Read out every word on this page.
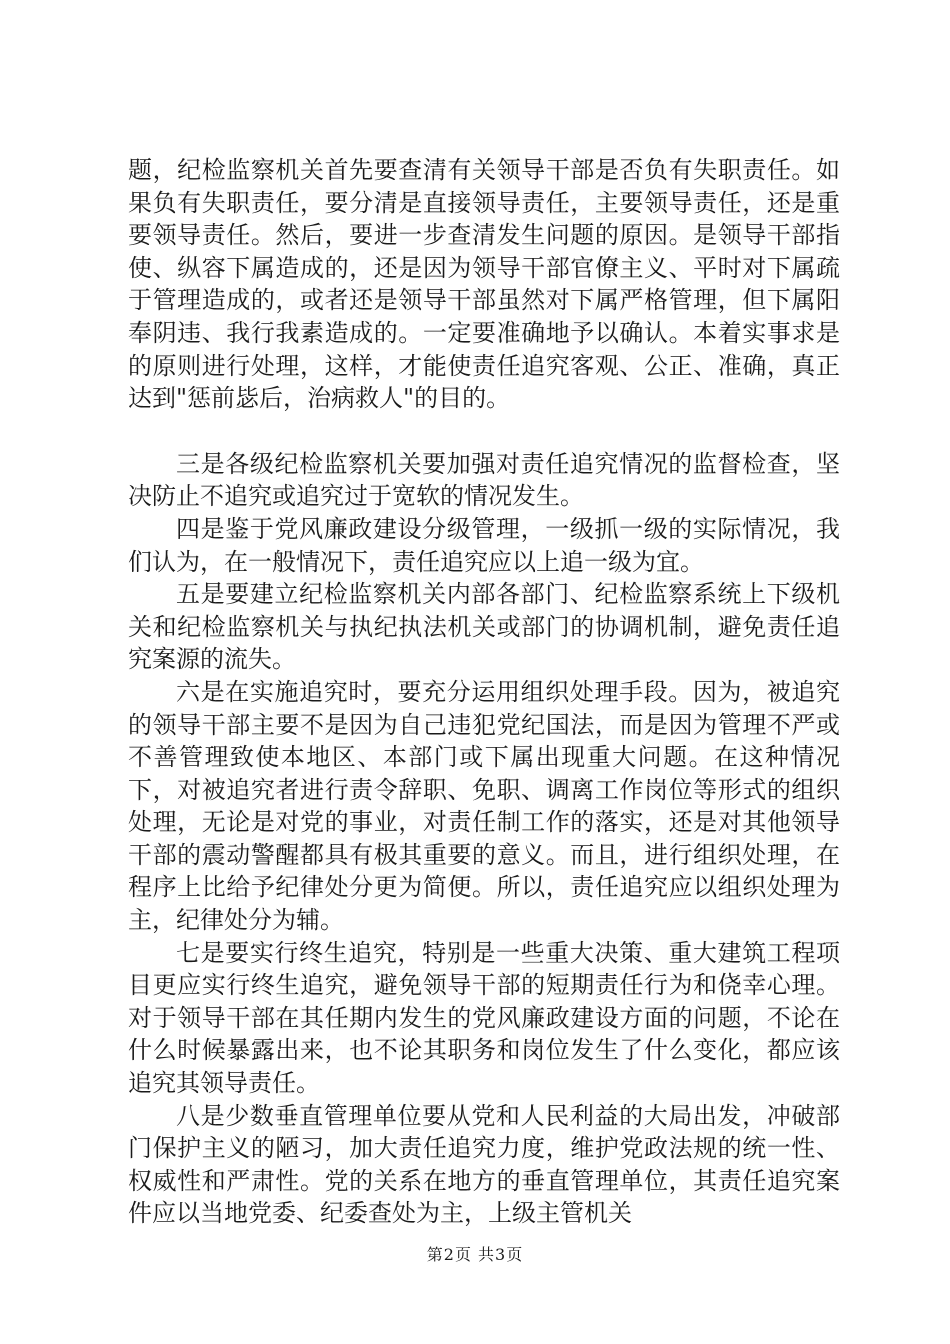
题，纪检监察机关首先要查清有关领导干部是否负有失职责任。如果负有失职责任，要分清是直接领导责任，主要领导责任，还是重要领导责任。然后，要进一步查清发生问题的原因。是领导干部指使、纵容下属造成的，还是因为领导干部官僚主义、平时对下属疏于管理造成的，或者还是领导干部虽然对下属严格管理，但下属阳奉阴违、我行我素造成的。一定要准确地予以确认。本着实事求是的原则进行处理，这样，才能使责任追究客观、公正、准确，真正达到"惩前毖后，治病救人"的目的。

三是各级纪检监察机关要加强对责任追究情况的监督检查，坚决防止不追究或追究过于宽软的情况发生。

四是鉴于党风廉政建设分级管理，一级抓一级的实际情况，我们认为，在一般情况下，责任追究应以上追一级为宜。

五是要建立纪检监察机关内部各部门、纪检监察系统上下级机关和纪检监察机关与执纪执法机关或部门的协调机制，避免责任追究案源的流失。

六是在实施追究时，要充分运用组织处理手段。因为，被追究的领导干部主要不是因为自己违犯党纪国法，而是因为管理不严或不善管理致使本地区、本部门或下属出现重大问题。在这种情况下，对被追究者进行责令辞职、免职、调离工作岗位等形式的组织处理，无论是对党的事业，对责任制工作的落实，还是对其他领导干部的震动警醒都具有极其重要的意义。而且，进行组织处理，在程序上比给予纪律处分更为简便。所以，责任追究应以组织处理为主，纪律处分为辅。

七是要实行终生追究，特别是一些重大决策、重大建筑工程项目更应实行终生追究，避免领导干部的短期责任行为和侥幸心理。对于领导干部在其任期内发生的党风廉政建设方面的问题，不论在什么时候暴露出来，也不论其职务和岗位发生了什么变化，都应该追究其领导责任。

八是少数垂直管理单位要从党和人民利益的大局出发，冲破部门保护主义的陋习，加大责任追究力度，维护党政法规的统一性、权威性和严肃性。党的关系在地方的垂直管理单位，其责任追究案件应以当地党委、纪委查处为主，上级主管机关

第2页 共3页
